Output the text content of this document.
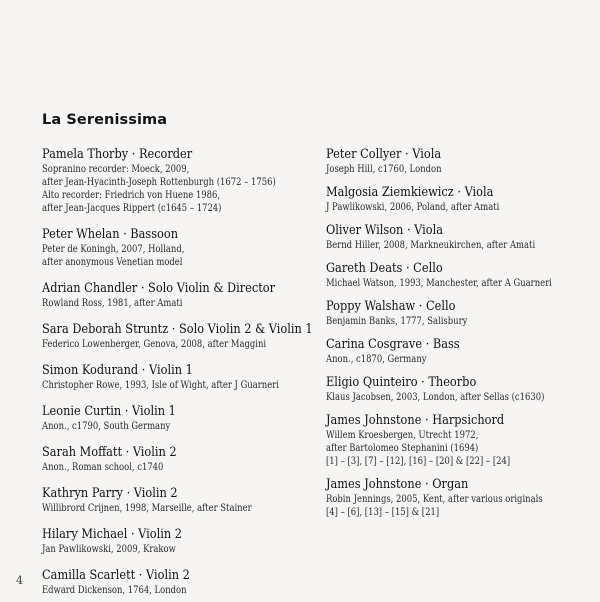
La Serenissima
Pamela Thorby · Recorder
Sopranino recorder: Moeck, 2009,
after Jean-Hyacinth-Joseph Rottenburgh (1672 – 1756)
Alto recorder: Friedrich von Huene 1986,
after Jean-Jacques Rippert (c1645 – 1724)
Peter Whelan · Bassoon
Peter de Koningh, 2007, Holland,
after anonymous Venetian model
Adrian Chandler · Solo Violin & Director
Rowland Ross, 1981, after Amati
Sara Deborah Struntz · Solo Violin 2 & Violin 1
Federico Lowenberger, Genova, 2008, after Maggini
Simon Kodurand · Violin 1
Christopher Rowe, 1993, Isle of Wight, after J Guarneri
Leonie Curtin · Violin 1
Anon., c1790, South Germany
Sarah Moffatt · Violin 2
Anon., Roman school, c1740
Kathryn Parry · Violin 2
Willibrord Crijnen, 1998, Marseille, after Stainer
Hilary Michael · Violin 2
Jan Pawlikowski, 2009, Krakow
Camilla Scarlett · Violin 2
Edward Dickenson, 1764, London
Peter Collyer · Viola
Joseph Hill, c1760, London
Malgosia Ziemkiewicz · Viola
J Pawlikowski, 2006, Poland, after Amati
Oliver Wilson · Viola
Bernd Hiller, 2008, Markneukirchen, after Amati
Gareth Deats · Cello
Michael Watson, 1993, Manchester, after A Guarneri
Poppy Walshaw · Cello
Benjamin Banks, 1777, Salisbury
Carina Cosgrave · Bass
Anon., c1870, Germany
Eligio Quinteiro · Theorbo
Klaus Jacobsen, 2003, London, after Sellas (c1630)
James Johnstone · Harpsichord
Willem Kroesbergen, Utrecht 1972,
after Bartolomeo Stephanini (1694)
[1] – [3], [7] – [12], [16] – [20] & [22] – [24]
James Johnstone · Organ
Robin Jennings, 2005, Kent, after various originals
[4] – [6], [13] – [15] & [21]
4
